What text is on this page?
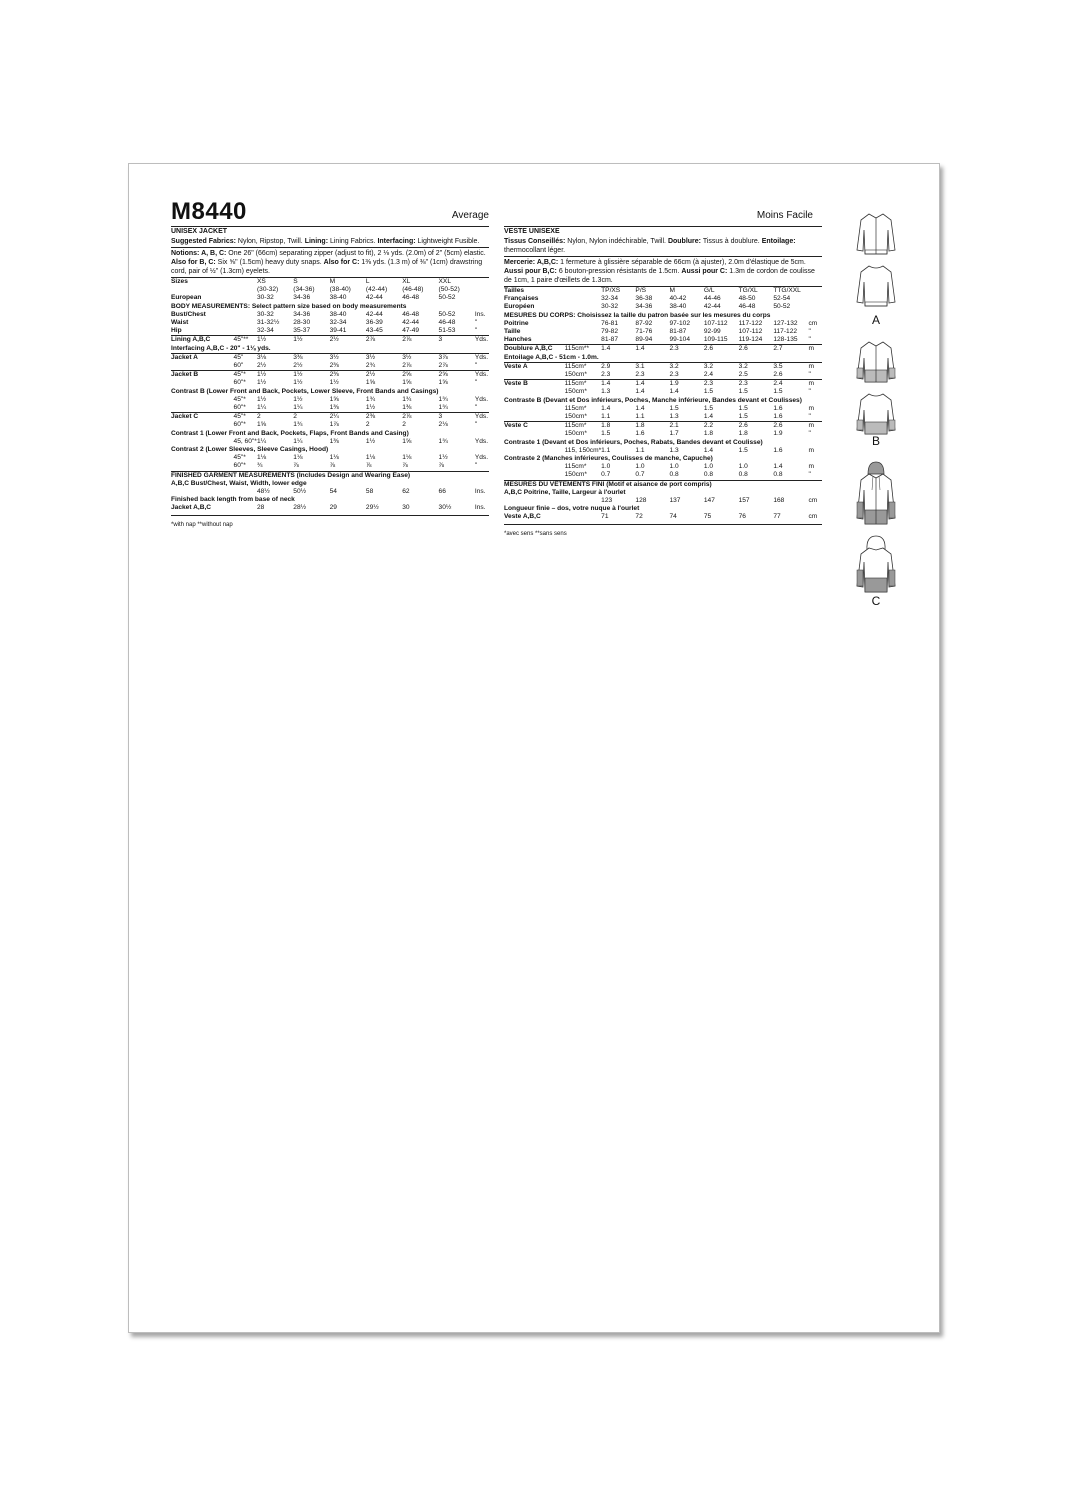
M8440	Average	Moins Facile
UNISEX JACKET
Suggested Fabrics: Nylon, Ripstop, Twill. Lining: Lining Fabrics. Interfacing: Lightweight Fusible.
Notions: A, B, C: One 26" (66cm) separating zipper (adjust to fit), 2 ⅛ yds. (2.0m) of 2" (5cm) elastic. Also for B, C: Six ⅝" (1.5cm) heavy duty snaps. Also for C: 1⅜ yds. (1.3 m) of ⅜" (1cm) drawstring cord, pair of ½" (1.3cm) eyelets.
Sizes		XS	S	M	L	XL	XXL	
		(30-32)	(34-36)	(38-40)	(42-44)	(46-48)	(50-52)	
European		30-32	34-36	38-40	42-44	46-48	50-52	
BODY MEASUREMENTS: Select pattern size based on body measurements								
Bust/Chest		30-32	34-36	38-40	42-44	46-48	50-52	Ins.
Waist		31-32½	28-30	32-34	36-39	42-44	46-48	"
Hip		32-34	35-37	39-41	43-45	47-49	51-53	"
Lining A,B,C	45"**	1½	1½	2½	2⅞	2⅞	3	Yds.
Interfacing A,B,C - 20" - 1⅛ yds.								
Jacket A	45"	3⅛	3⅜	3½	3½	3½	3⅞	Yds.
	60"	2½	2½	2⅜	2¾	2⅞	2⅞	"
Jacket B	45"*	1½	1½	2⅜	2½	2⅝	2⅝	Yds.
	60"*	1½	1½	1½	1⅝	1⅝	1⅝	"
Contrast B (Lower Front and Back, Pockets, Lower Sleeve, Front Bands and Casings)								
	45"*	1½	1½	1⅝	1¾	1¾	1¾	Yds.
	60"*	1¼	1¼	1⅜	1½	1⅜	1¾	"
Jacket C	45"*	2	2	2¼	2⅜	2⅞	3	Yds.
	60"*	1⅝	1¾	1⅞	2	2	2⅛	"
Contrast 1 (Lower Front and Back, Pockets, Flaps, Front Bands and Casing)								
	45, 60"*	1¼	1¼	1⅜	1½	1⅝	1¾	Yds.
Contrast 2 (Lower Sleeves, Sleeve Casings, Hood)								
	45"*	1⅛	1⅛	1⅛	1⅛	1⅛	1½	Yds.
	60"*	¾	⅞	⅞	⅞	⅞	⅞	"
FINISHED GARMENT MEASUREMENTS (Includes Design and Wearing Ease)								
A,B,C Bust/Chest, Waist, Width, lower edge								
		48½	50½	54	58	62	66	Ins.
Finished back length from base of neck								
Jacket A,B,C		28	28½	29	29½	30	30½	Ins.
*with nap **without nap
VESTE UNISEXE
Tissus Conseillés: Nylon, Nylon indéchirable, Twill. Doublure: Tissus à doublure. Entoilage: thermocollant léger.
Mercerie: A,B,C: 1 fermeture à glissière séparable de 66cm (à ajuster), 2.0m d'élastique de 5cm. Aussi pour B,C: 6 bouton-pression résistants de 1.5cm. Aussi pour C: 1.3m de cordon de coulisse de 1cm, 1 paire d'œillets de 1.3cm.
Tailles		TP/XS	P/S	M	G/L	TG/XL	TTG/XXL	
Françaises		32-34	36-38	40-42	44-46	48-50	52-54	
Européen		30-32	34-36	38-40	42-44	46-48	50-52	
MESURES DU CORPS: Choisissez la taille du patron basée sur les mesures du corps								
Poitrine		76-81	87-92	97-102	107-112	117-122	127-132	cm
Taille		79-82	71-76	81-87	92-99	107-112	117-122	"
Hanches		81-87	89-94	99-104	109-115	119-124	128-135	"
Doublure A,B,C	115cm**	1.4	1.4	2.3	2.6	2.6	2.7	m
Entoilage A,B,C - 51cm - 1.0m.								
Veste A	115cm*	2.9	3.1	3.2	3.2	3.2	3.5	m
	150cm*	2.3	2.3	2.3	2.4	2.5	2.6	"
Veste B	115cm*	1.4	1.4	1.9	2.3	2.3	2.4	m
	150cm*	1.3	1.4	1.4	1.5	1.5	1.5	"
Contraste B (Devant et Dos inférieurs, Poches, Manche inférieure, Bandes devant et Coulisses)								
	115cm*	1.4	1.4	1.5	1.5	1.5	1.6	m
	150cm*	1.1	1.1	1.3	1.4	1.5	1.6	"
Veste C	115cm*	1.8	1.8	2.1	2.2	2.6	2.6	m
	150cm*	1.5	1.6	1.7	1.8	1.8	1.9	"
Contraste 1 (Devant et Dos inférieurs, Poches, Rabats, Bandes devant et Coulisse)								
	115, 150cm*	1.1	1.1	1.3	1.4	1.5	1.6	m
Contraste 2 (Manches inférieures, Coulisses de manche, Capuche)								
	115cm*	1.0	1.0	1.0	1.0	1.0	1.4	m
	150cm*	0.7	0.7	0.8	0.8	0.8	0.8	"
MESURES DU VÊTEMENTS FINI (Motif et aisance de port compris)								
A,B,C Poitrine, Taille, Largeur à l'ourlet								
		123	128	137	147	157	168	cm
Longueur finie – dos, votre nuque à l'ourlet								
Veste A,B,C		71	72	74	75	76	77	cm
*avec sens **sans sens
A
B
C
